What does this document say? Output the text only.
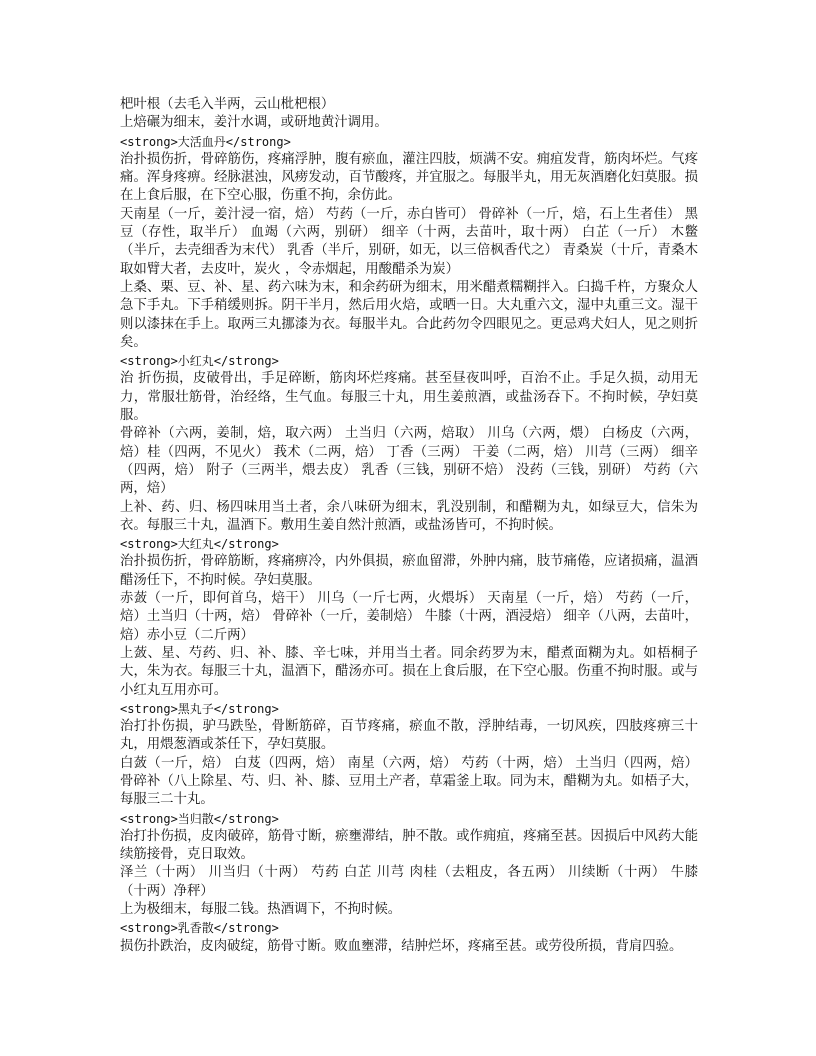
杷叶根（去毛入半两，云山枇杷根）

上焙碾为细末，姜汁水调，或研地黄汁调用。

<strong>大活血丹</strong>

治扑损伤折，骨碎筋伤，疼痛浮肿，腹有瘀血，灌注四肢，烦满不安。痈疽发背，筋肉坏烂。气疼痛。浑身疼痹。经脉湛浊，风痨发动，百节酸疼，并宜服之。每服半丸，用无灰酒磨化妇莫服。损在上食后服，在下空心服，伤重不拘，余仿此。

天南星（一斤，姜汁浸一宿，焙） 芍药（一斤，赤白皆可） 骨碎补（一斤，焙，石上生者佳） 黑豆（存性，取半斤） 血竭（六两，别研） 细辛（十两，去苗叶，取十两） 白芷（一斤） 木鳖（半斤，去壳细香为末代） 乳香（半斤，别研，如无，以三倍枫香代之） 青桑炭（十斤，青桑木取如臂大者，去皮叶，炭火 ，令赤烟起，用酸醋杀为炭）

上桑、栗、豆、补、星、药六味为末，和余药研为细末，用米醋煮糯糊拌入。臼捣千杵，方聚众人急下手丸。下手稍缓则拆。阴干半月，然后用火焙，或晒一日。大丸重六文，湿中丸重三文。湿干则以漆抹在手上。取两三丸挪漆为衣。每服半丸。合此药勿令四眼见之。更忌鸡犬妇人，见之则折矣。

<strong>小红丸</strong>

治 折伤损，皮破骨出，手足碎断，筋肉坏烂疼痛。甚至昼夜叫呼，百治不止。手足久损，动用无力，常服壮筋骨，治经络，生气血。每服三十丸，用生姜煎酒，或盐汤吞下。不拘时候，孕妇莫服。

骨碎补（六两，姜制，焙，取六两） 土当归（六两，焙取） 川乌（六两，煨） 白杨皮（六两，焙）桂（四两，不见火） 莪术（二两，焙） 丁香（三两） 干姜（二两，焙） 川芎（三两） 细辛（四两，焙） 附子（三两半，煨去皮） 乳香（三钱，别研不焙） 没药（三钱，别研） 芍药（六两，焙）

上补、药、归、杨四味用当土者，余八味研为细末，乳没别制，和醋糊为丸，如绿豆大，信朱为衣。每服三十丸，温酒下。敷用生姜自然汁煎酒，或盐汤皆可，不拘时候。

<strong>大红丸</strong>

治扑损伤折，骨碎筋断，疼痛痹冷，内外俱损，瘀血留滞，外肿内痛，肢节痛倦，应诸损痛，温酒醋汤任下，不拘时候。孕妇莫服。

赤蔹（一斤，即何首乌，焙干） 川乌（一斤七两，火煨坼） 天南星（一斤，焙） 芍药（一斤，焙）土当归（十两，焙） 骨碎补（一斤，姜制焙） 牛膝（十两，酒浸焙） 细辛（八两，去苗叶，焙）赤小豆（二斤两）

上蔹、星、芍药、归、补、膝、辛七味，并用当土者。同余药罗为末，醋煮面糊为丸。如梧桐子大，朱为衣。每服三十丸，温酒下，醋汤亦可。损在上食后服，在下空心服。伤重不拘时服。或与小红丸互用亦可。

<strong>黑丸子</strong>

治打扑伤损，驴马跌坠，骨断筋碎，百节疼痛，瘀血不散，浮肿结毒，一切风疾，四肢疼痹三十丸，用煨葱酒或茶任下，孕妇莫服。

白蔹（一斤，焙） 白芨（四两，焙） 南星（六两，焙） 芍药（十两，焙） 土当归（四两，焙） 骨碎补（八上除星、芍、归、补、膝、豆用土产者，草霜釜上取。同为末，醋糊为丸。如梧子大，每服三二十丸。

<strong>当归散</strong>

治打扑伤损，皮肉破碎，筋骨寸断，瘀壅滞结，肿不散。或作痈疽，疼痛至甚。因损后中风药大能续筋接骨，克日取效。

泽兰（十两） 川当归（十两） 芍药 白芷 川芎 肉桂（去粗皮，各五两） 川续断（十两） 牛膝（十两）净秤）

上为极细末，每服二钱。热酒调下，不拘时候。

<strong>乳香散</strong>

损伤扑跌治，皮肉破绽，筋骨寸断。败血壅滞，结肿烂坏，疼痛至甚。或劳役所损，背肩四验。
